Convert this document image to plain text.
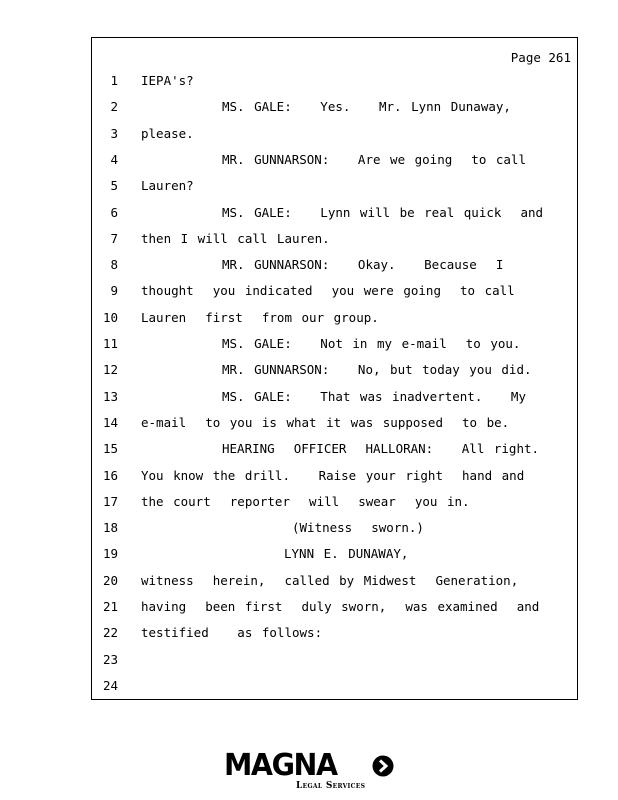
Page 261
1 IEPA's?
2	MS. GALE:   Yes.   Mr. Lynn Dunaway,
3 please.
4	MR. GUNNARSON:   Are we going  to call
5 Lauren?
6	MS. GALE:   Lynn will be real quick  and
7 then I will call Lauren.
8	MR. GUNNARSON:   Okay.   Because  I
9 thought  you indicated  you were going  to call
10 Lauren  first  from our group.
11	MS. GALE:   Not in my e-mail  to you.
12	MR. GUNNARSON:   No, but today you did.
13	MS. GALE:   That was inadvertent.   My
14 e-mail  to you is what it was supposed  to be.
15	HEARING  OFFICER  HALLORAN:   All right.
16 You know the drill.   Raise your right  hand and
17 the court  reporter  will  swear  you in.
18	(Witness  sworn.)
19	LYNN E. DUNAWAY,
20 witness  herein,  called by Midwest  Generation,
21 having  been first  duly sworn,  was examined  and
22 testified   as follows:
23
24
MAGNA
Legal Services
